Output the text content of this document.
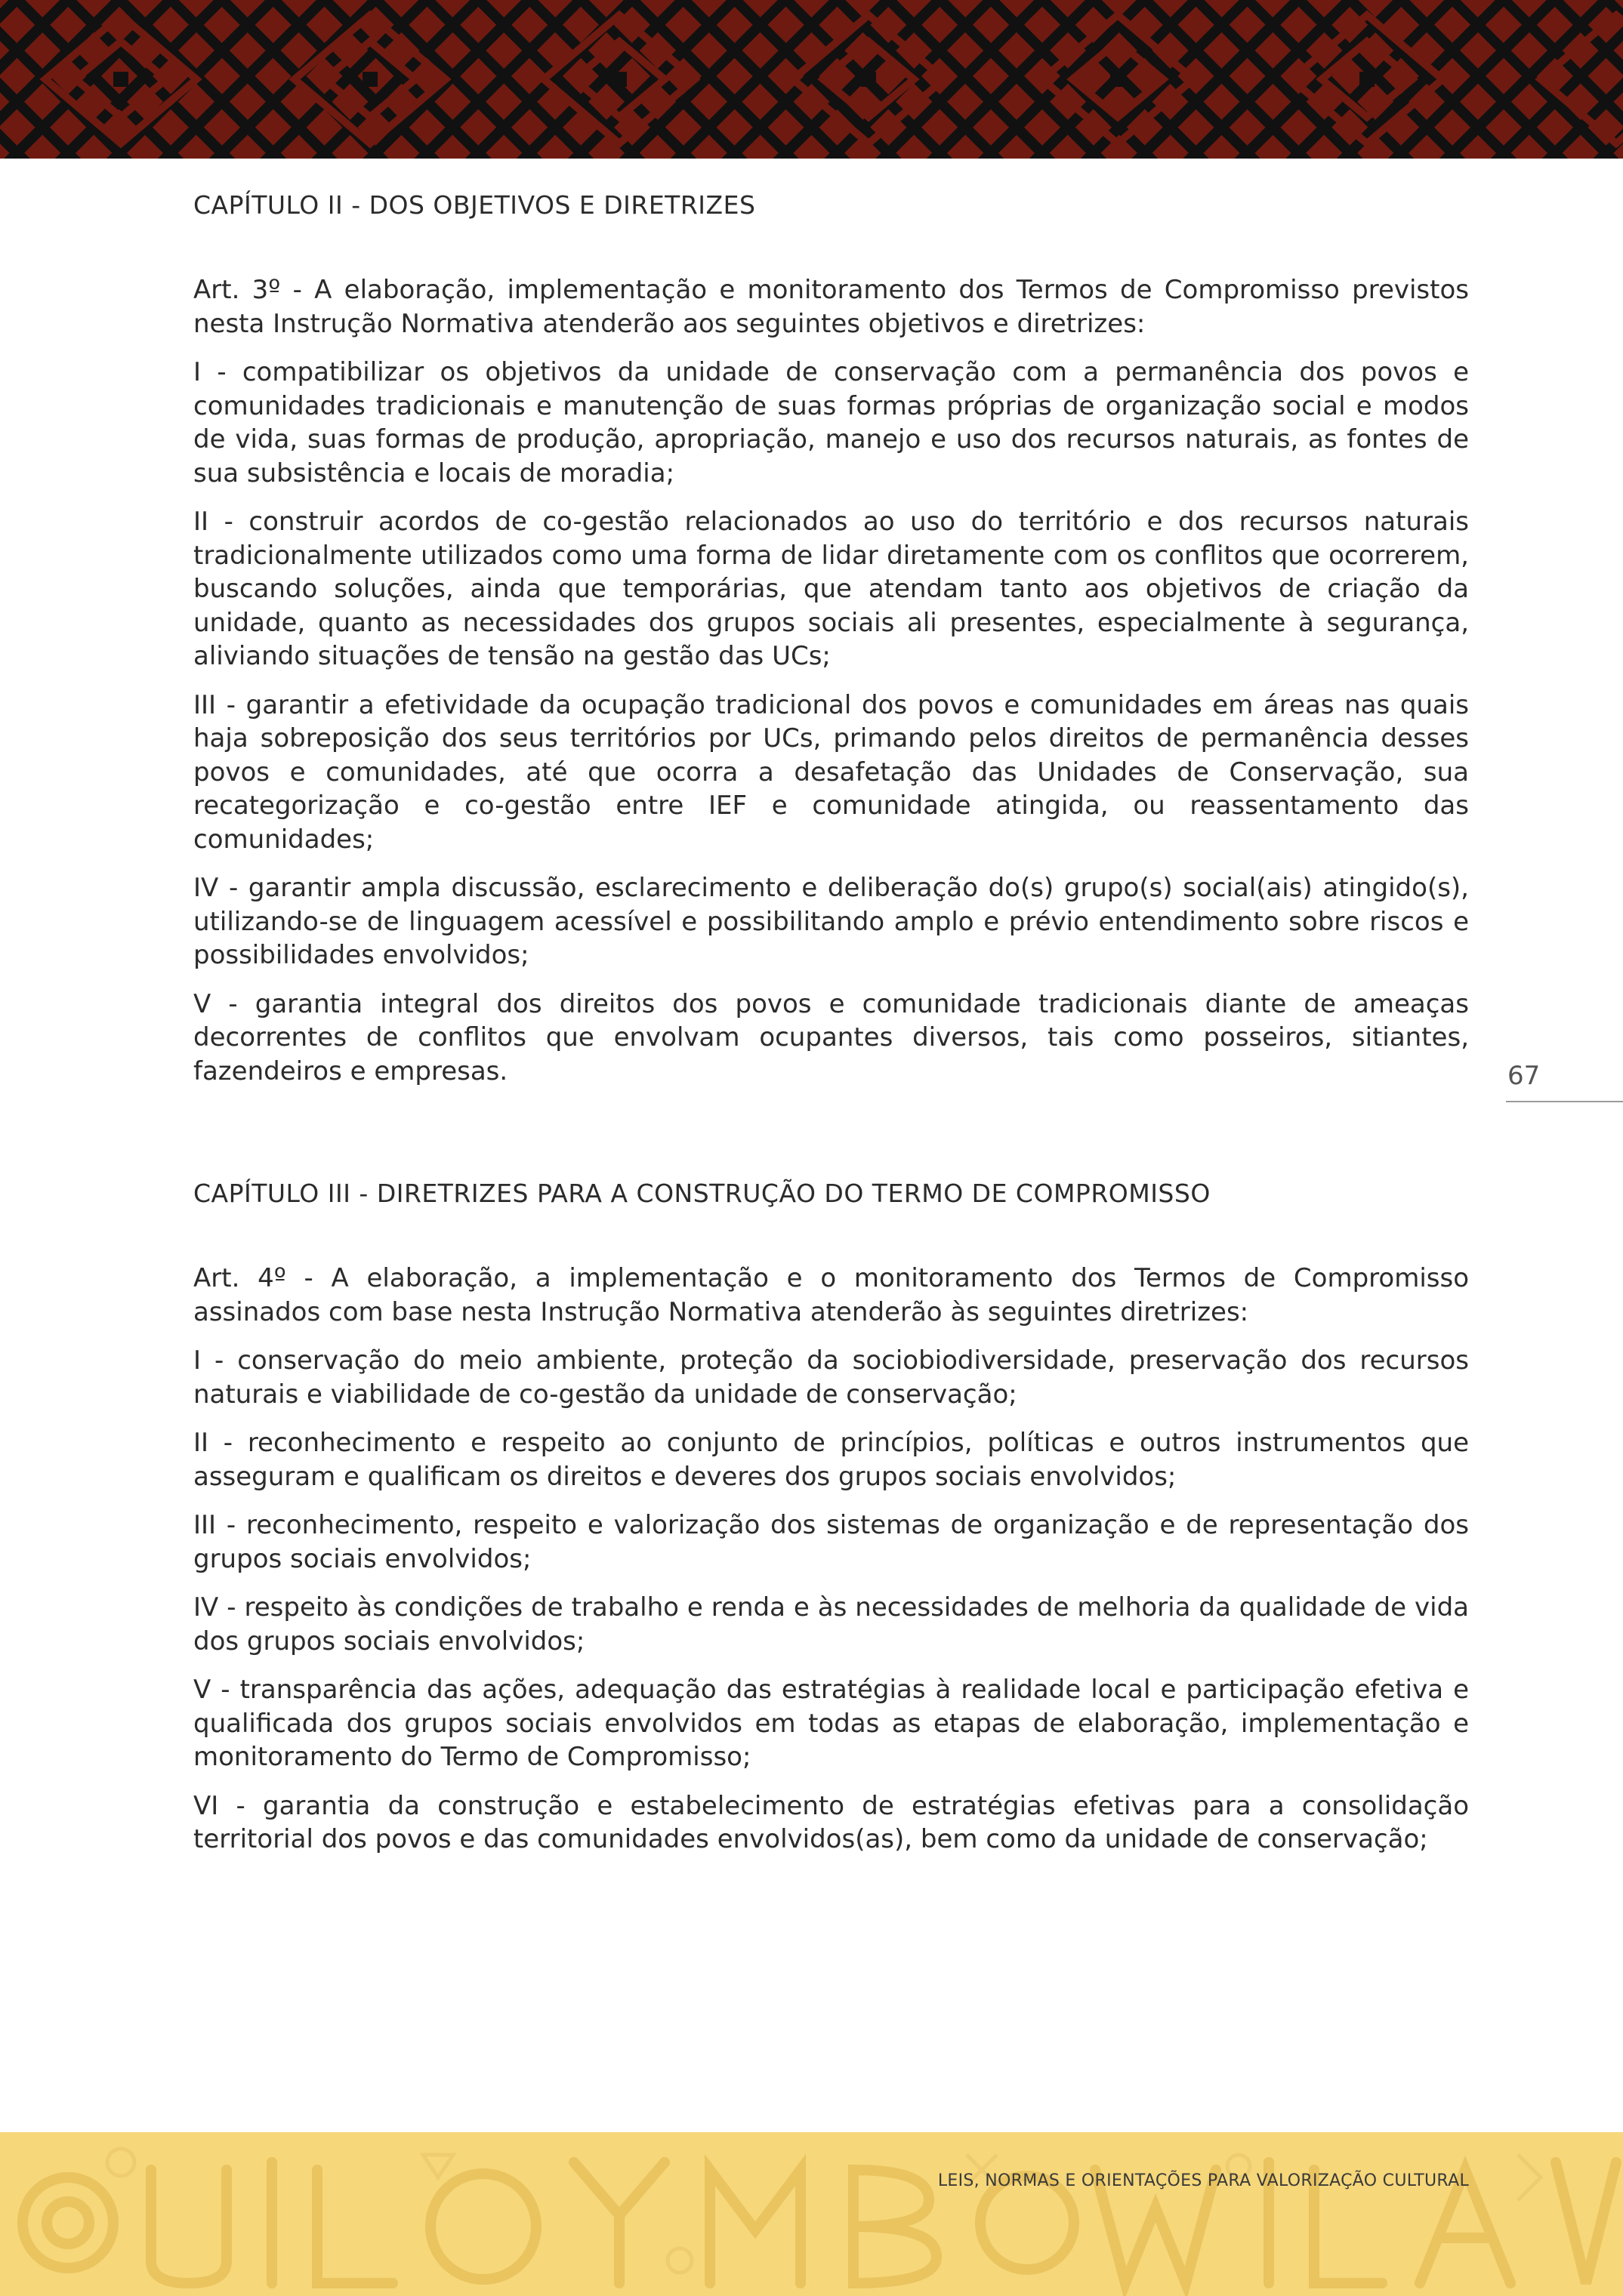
CAPÍTULO II - DOS OBJETIVOS E DIRETRIZES

Art. 3º - A elaboração, implementação e monitoramento dos Termos de Compromisso previstos nesta Instrução Normativa atenderão aos seguintes objetivos e diretrizes:

I - compatibilizar os objetivos da unidade de conservação com a permanência dos povos e comunidades tradicionais e manutenção de suas formas próprias de organização social e modos de vida, suas formas de produção, apropriação, manejo e uso dos recursos naturais, as fontes de sua subsistência e locais de moradia;

II - construir acordos de co-gestão relacionados ao uso do território e dos recursos naturais tradicionalmente utilizados como uma forma de lidar diretamente com os conflitos que ocorrerem, buscando soluções, ainda que temporárias, que atendam tanto aos objetivos de criação da unidade, quanto as necessidades dos grupos sociais ali presentes, especialmente à segurança, aliviando situações de tensão na gestão das UCs;

III - garantir a efetividade da ocupação tradicional dos povos e comunidades em áreas nas quais haja sobreposição dos seus territórios por UCs, primando pelos direitos de permanência desses povos e comunidades, até que ocorra a desafetação das Unidades de Conservação, sua recategorização e co-gestão entre IEF e comunidade atingida, ou reassentamento das comunidades;

IV - garantir ampla discussão, esclarecimento e deliberação do(s) grupo(s) social(ais) atingido(s), utilizando-se de linguagem acessível e possibilitando amplo e prévio entendimento sobre riscos e possibilidades envolvidos;

V - garantia integral dos direitos dos povos e comunidade tradicionais diante de ameaças decorrentes de conflitos que envolvam ocupantes diversos, tais como posseiros, sitiantes, fazendeiros e empresas.

CAPÍTULO III - DIRETRIZES PARA A CONSTRUÇÃO DO TERMO DE COMPROMISSO

Art. 4º - A elaboração, a implementação e o monitoramento dos Termos de Compromisso assinados com base nesta Instrução Normativa atenderão às seguintes diretrizes:

I - conservação do meio ambiente, proteção da sociobiodiversidade, preservação dos recursos naturais e viabilidade de co-gestão da unidade de conservação;

II - reconhecimento e respeito ao conjunto de princípios, políticas e outros instrumentos que asseguram e qualificam os direitos e deveres dos grupos sociais envolvidos;

III - reconhecimento, respeito e valorização dos sistemas de organização e de representação dos grupos sociais envolvidos;

IV - respeito às condições de trabalho e renda e às necessidades de melhoria da qualidade de vida dos grupos sociais envolvidos;

V - transparência das ações, adequação das estratégias à realidade local e participação efetiva e qualificada dos grupos sociais envolvidos em todas as etapas de elaboração, implementação e monitoramento do Termo de Compromisso;

VI - garantia da construção e estabelecimento de estratégias efetivas para a consolidação territorial dos povos e das comunidades envolvidos(as), bem como da unidade de conservação;

67
LEIS, NORMAS E ORIENTAÇÕES PARA VALORIZAÇÃO CULTURAL
